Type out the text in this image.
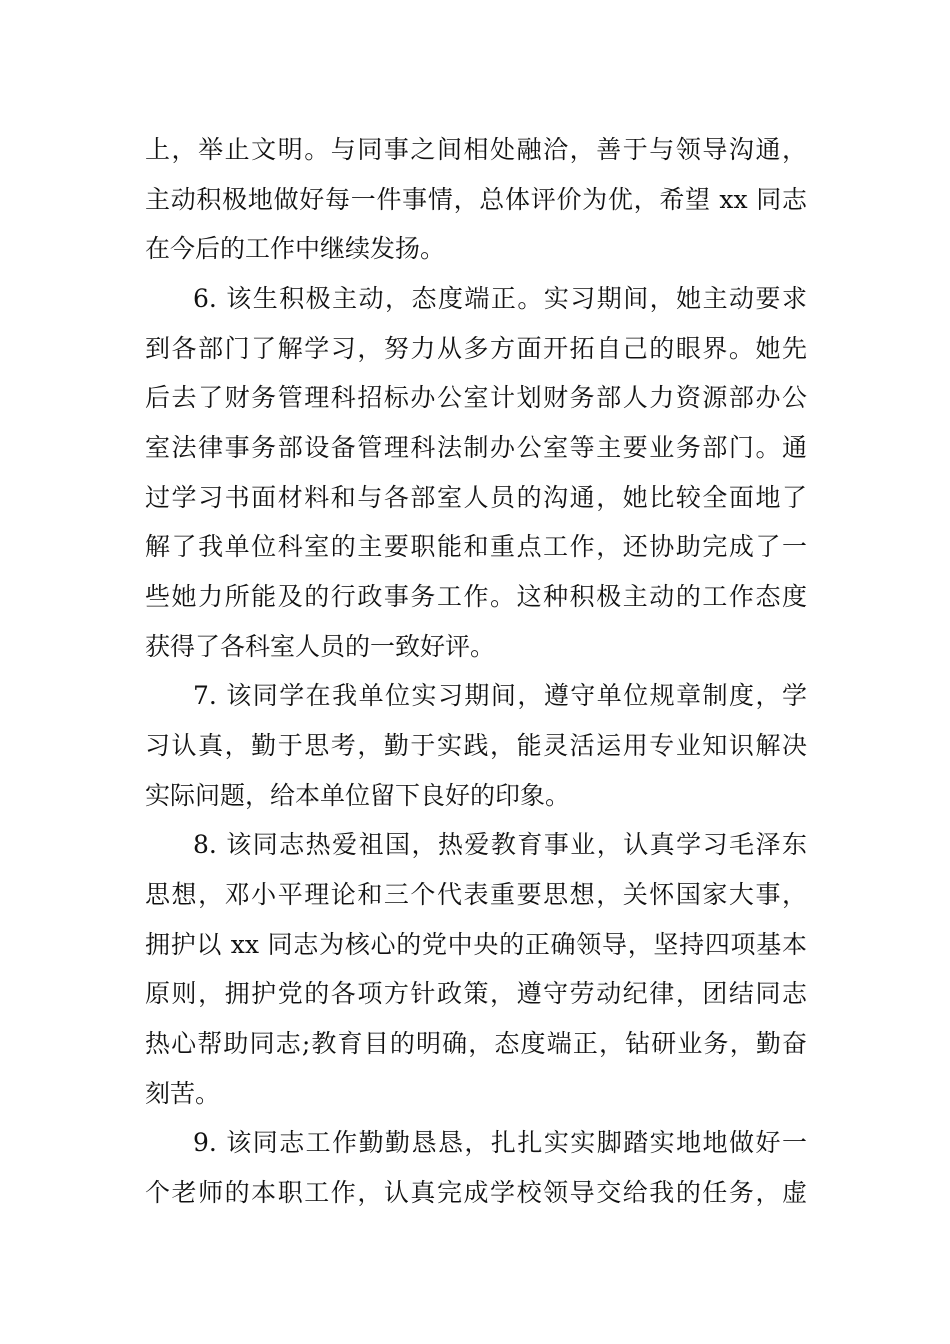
上，举止文明。与同事之间相处融洽，善于与领导沟通，
主动积极地做好每一件事情，总体评价为优，希望 xx 同志
在今后的工作中继续发扬。
6. 该生积极主动，态度端正。实习期间，她主动要求
到各部门了解学习，努力从多方面开拓自己的眼界。她先
后去了财务管理科招标办公室计划财务部人力资源部办公
室法律事务部设备管理科法制办公室等主要业务部门。通
过学习书面材料和与各部室人员的沟通，她比较全面地了
解了我单位科室的主要职能和重点工作，还协助完成了一
些她力所能及的行政事务工作。这种积极主动的工作态度
获得了各科室人员的一致好评。
7. 该同学在我单位实习期间，遵守单位规章制度，学
习认真，勤于思考，勤于实践，能灵活运用专业知识解决
实际问题，给本单位留下良好的印象。
8. 该同志热爱祖国，热爱教育事业，认真学习毛泽东
思想，邓小平理论和三个代表重要思想，关怀国家大事，
拥护以 xx 同志为核心的党中央的正确领导，坚持四项基本
原则，拥护党的各项方针政策，遵守劳动纪律，团结同志
热心帮助同志;教育目的明确，态度端正，钻研业务，勤奋
刻苦。
9. 该同志工作勤勤恳恳，扎扎实实脚踏实地地做好一
个老师的本职工作，认真完成学校领导交给我的任务，虚
